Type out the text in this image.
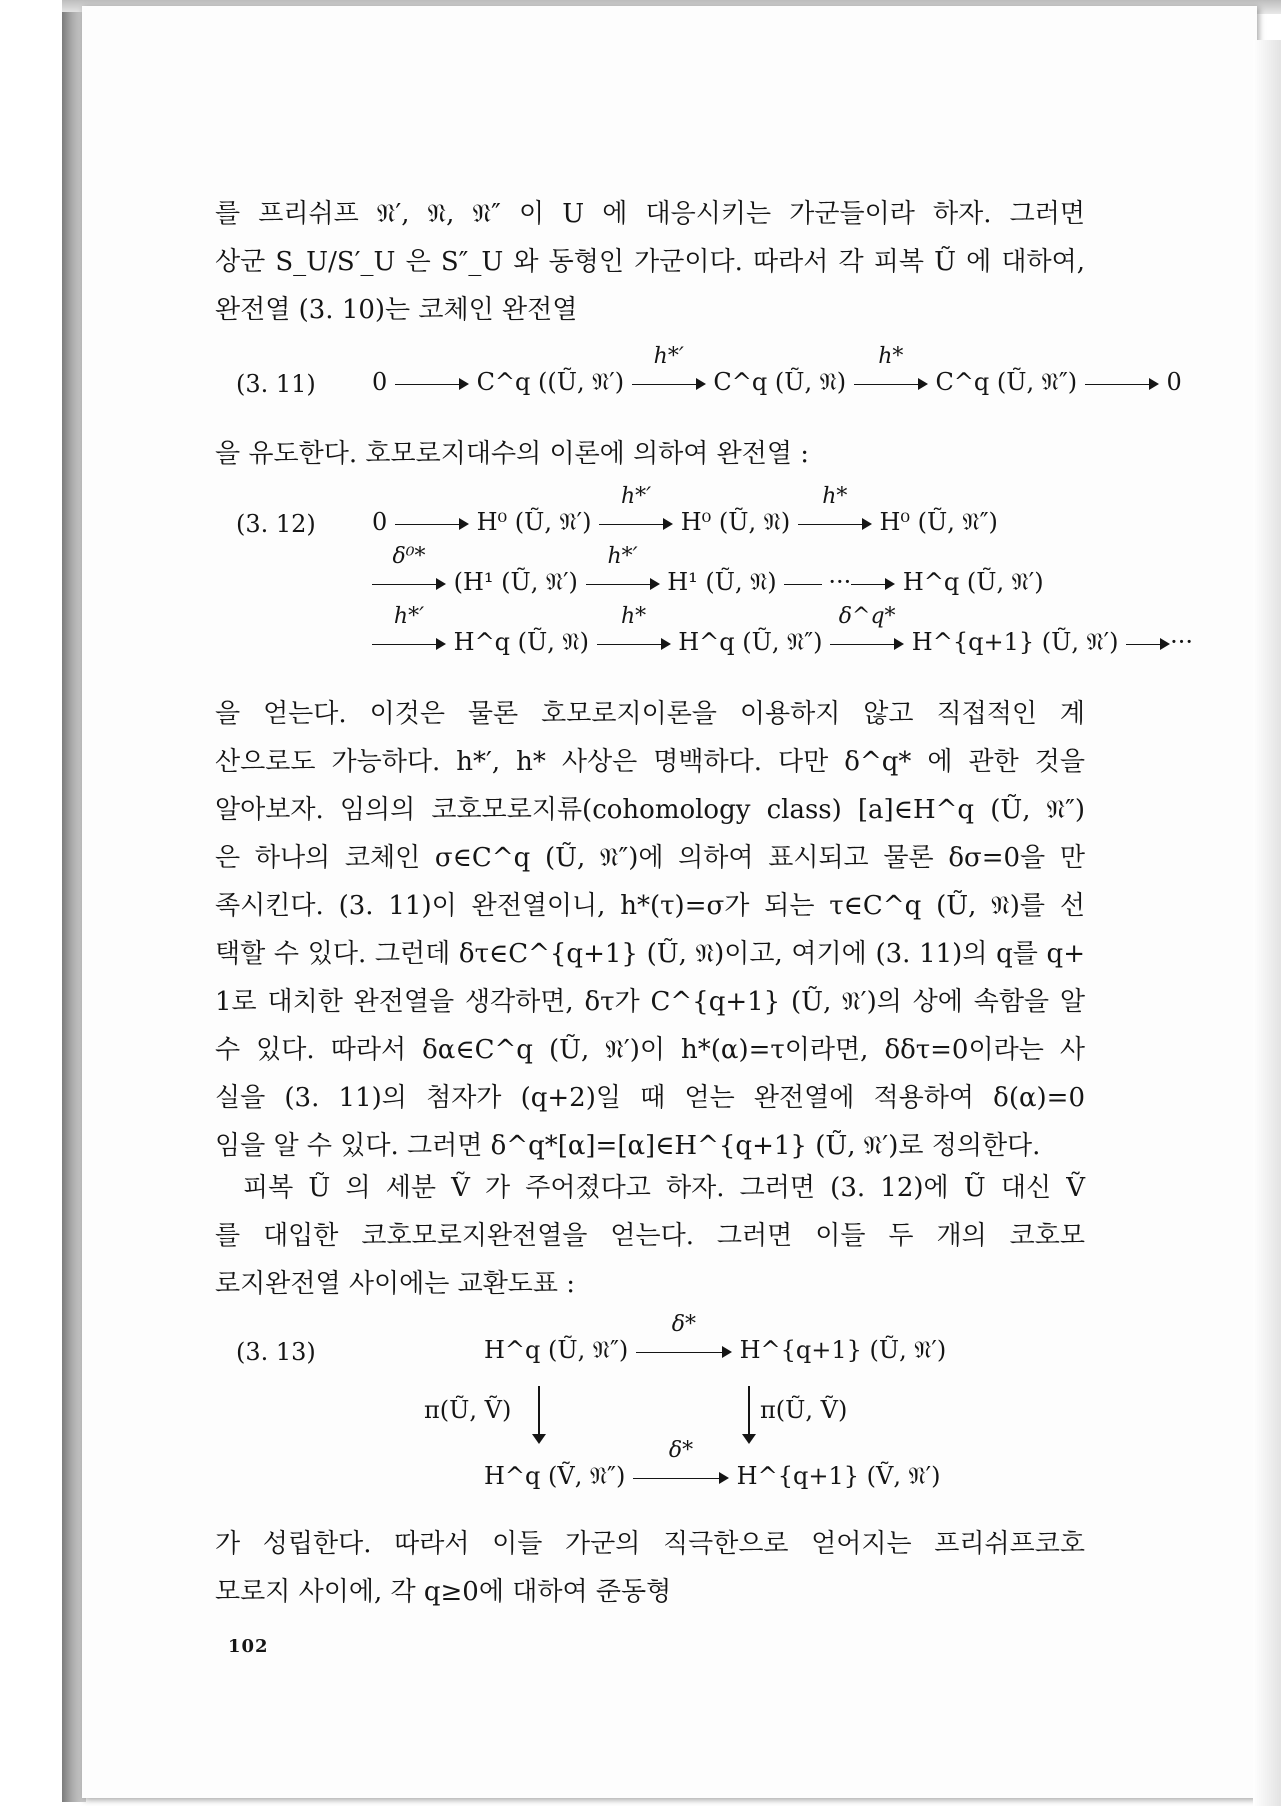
를 프리쉬프 𝔑′, 𝔑, 𝔑″ 이 U 에 대응시키는 가군들이라 하자. 그러면
상군 S_U/S′_U 은 S″_U 와 동형인 가군이다. 따라서 각 피복 Ũ 에 대하여,
완전열 (3. 10)는 코체인 완전열
(3. 11) 0	C^q ((Ũ, 𝔑′)
h*′
C^q (Ũ, 𝔑)
h*
C^q (Ũ, 𝔑″)	0
을 유도한다. 호모로지대수의 이론에 의하여 완전열 :
(3. 12) 0	H⁰ (Ũ, 𝔑′)
h*′
H⁰ (Ũ, 𝔑)
h*
H⁰ (Ũ, 𝔑″)
δ⁰*
(H¹ (Ũ, 𝔑′)
h*′
H¹ (Ũ, 𝔑) ··· H^q (Ũ, 𝔑′)
h*′
H^q (Ũ, 𝔑)
h*
H^q (Ũ, 𝔑″)
δ^q*
H^{q+1} (Ũ, 𝔑′) ···
을 얻는다. 이것은 물론 호모로지이론을 이용하지 않고 직접적인 계
산으로도 가능하다. h*′, h* 사상은 명백하다. 다만 δ^q* 에 관한 것을
알아보자. 임의의 코호모로지류(cohomology class) [a]∈H^q (Ũ, 𝔑″)
은 하나의 코체인 σ∈C^q (Ũ, 𝔑″)에 의하여 표시되고 물론 δσ=0을 만
족시킨다. (3. 11)이 완전열이니, h*(τ)=σ가 되는 τ∈C^q (Ũ, 𝔑)를 선
택할 수 있다. 그런데 δτ∈C^{q+1} (Ũ, 𝔑)이고, 여기에 (3. 11)의 q를 q+
1로 대치한 완전열을 생각하면, δτ가 C^{q+1} (Ũ, 𝔑′)의 상에 속함을 알
수 있다. 따라서 δα∈C^q (Ũ, 𝔑′)이 h*(α)=τ이라면, δδτ=0이라는 사
실을 (3. 11)의 첨자가 (q+2)일 때 얻는 완전열에 적용하여 δ(α)=0
임을 알 수 있다. 그러면 δ^q*[α]=[α]∈H^{q+1} (Ũ, 𝔑′)로 정의한다.
피복 Ũ 의 세분 Ṽ 가 주어졌다고 하자. 그러면 (3. 12)에 Ũ 대신 Ṽ
를 대입한 코호모로지완전열을 얻는다. 그러면 이들 두 개의 코호모
로지완전열 사이에는 교환도표 :
(3. 13)	H^q (Ũ, 𝔑″)
δ*
H^{q+1} (Ũ, 𝔑′)
π(Ũ, Ṽ)	π(Ũ, Ṽ)
H^q (Ṽ, 𝔑″)
δ*
H^{q+1} (Ṽ, 𝔑′)
가 성립한다. 따라서 이들 가군의 직극한으로 얻어지는 프리쉬프코호
모로지 사이에, 각 q≥0에 대하여 준동형
102
